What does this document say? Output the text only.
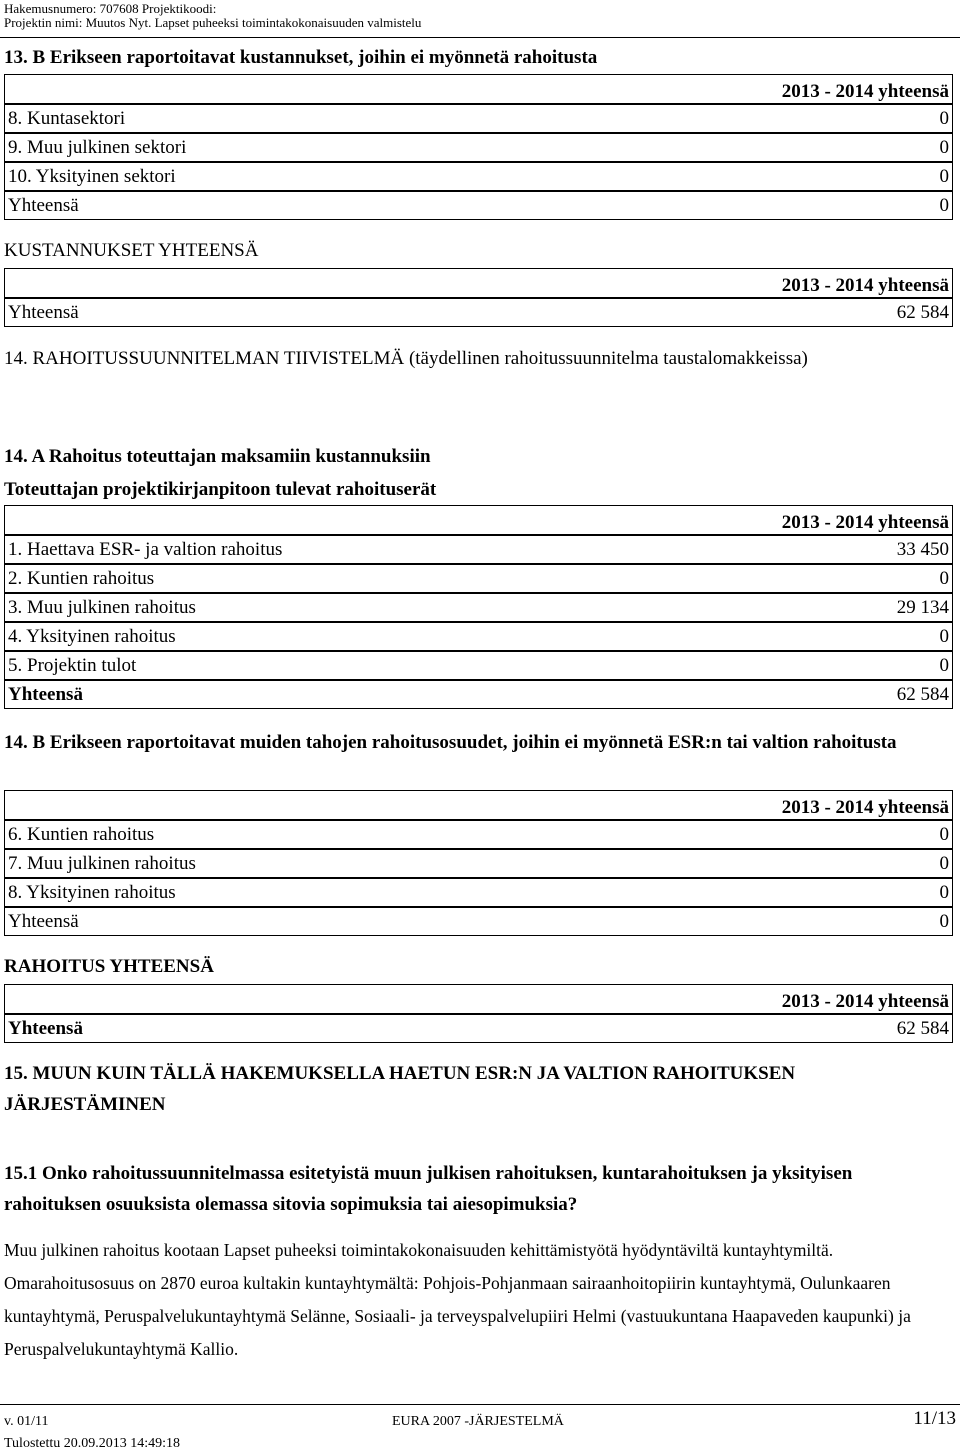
Hakemusnumero: 707608 Projektikoodi:
Projektin nimi: Muutos Nyt. Lapset puheeksi toimintakokonaisuuden valmistelu
13. B Erikseen raportoitavat kustannukset, joihin ei myönnetä rahoitusta
2013 - 2014 yhteensä
8. Kuntasektori	0
9. Muu julkinen sektori	0
10. Yksityinen sektori	0
Yhteensä	0
KUSTANNUKSET YHTEENSÄ
2013 - 2014 yhteensä
Yhteensä	62 584
14. RAHOITUSSUUNNITELMAN TIIVISTELMÄ (täydellinen rahoitussuunnitelma taustalomakkeissa)
14. A Rahoitus toteuttajan maksamiin kustannuksiin
Toteuttajan projektikirjanpitoon tulevat rahoituserät
2013 - 2014 yhteensä
1. Haettava ESR- ja valtion rahoitus	33 450
2. Kuntien rahoitus	0
3. Muu julkinen rahoitus	29 134
4. Yksityinen rahoitus	0
5. Projektin tulot	0
Yhteensä	62 584
14. B Erikseen raportoitavat muiden tahojen rahoitusosuudet, joihin ei myönnetä ESR:n tai valtion rahoitusta
2013 - 2014 yhteensä
6. Kuntien rahoitus	0
7. Muu julkinen rahoitus	0
8. Yksityinen rahoitus	0
Yhteensä	0
RAHOITUS YHTEENSÄ
2013 - 2014 yhteensä
Yhteensä	62 584
15. MUUN KUIN TÄLLÄ HAKEMUKSELLA HAETUN ESR:N JA VALTION RAHOITUKSEN JÄRJESTÄMINEN
15.1 Onko rahoitussuunnitelmassa esitetyistä muun julkisen rahoituksen, kuntarahoituksen ja yksityisen rahoituksen osuuksista olemassa sitovia sopimuksia tai aiesopimuksia?
Muu julkinen rahoitus kootaan Lapset puheeksi toimintakokonaisuuden kehittämistyötä hyödyntäviltä kuntayhtymiltä. Omarahoitusosuus on 2870 euroa kultakin kuntayhtymältä: Pohjois-Pohjanmaan sairaanhoitopiirin kuntayhtymä, Oulunkaaren kuntayhtymä, Peruspalvelukuntayhtymä Selänne, Sosiaali- ja terveyspalvelupiiri Helmi (vastuukuntana Haapaveden kaupunki) ja Peruspalvelukuntayhtymä Kallio.
v. 01/11	EURA 2007 -JÄRJESTELMÄ	11/13
Tulostettu 20.09.2013 14:49:18
